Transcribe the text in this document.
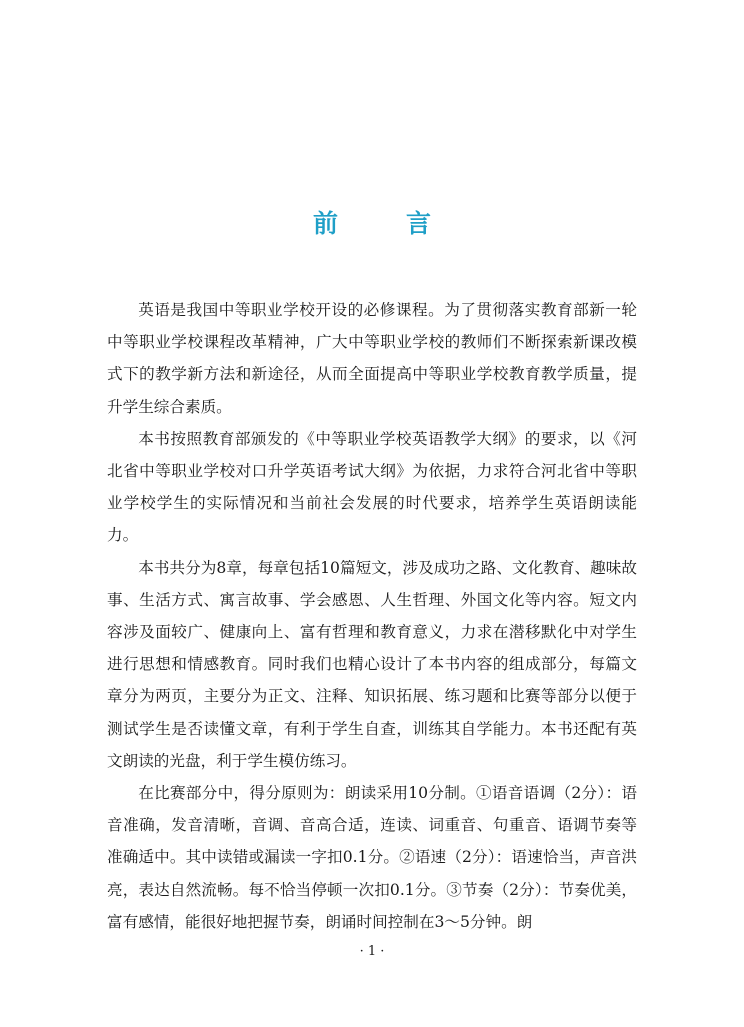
前	言

英语是我国中等职业学校开设的必修课程。为了贯彻落实教育部新一轮中等职业学校课程改革精神，广大中等职业学校的教师们不断探索新课改模式下的教学新方法和新途径，从而全面提高中等职业学校教育教学质量，提升学生综合素质。

本书按照教育部颁发的《中等职业学校英语教学大纲》的要求，以《河北省中等职业学校对口升学英语考试大纲》为依据，力求符合河北省中等职业学校学生的实际情况和当前社会发展的时代要求，培养学生英语朗读能力。

本书共分为8章，每章包括10篇短文，涉及成功之路、文化教育、趣味故事、生活方式、寓言故事、学会感恩、人生哲理、外国文化等内容。短文内容涉及面较广、健康向上、富有哲理和教育意义，力求在潜移默化中对学生进行思想和情感教育。同时我们也精心设计了本书内容的组成部分，每篇文章分为两页，主要分为正文、注释、知识拓展、练习题和比赛等部分以便于测试学生是否读懂文章，有利于学生自查，训练其自学能力。本书还配有英文朗读的光盘，利于学生模仿练习。

在比赛部分中，得分原则为：朗读采用10分制。①语音语调（2分）：语音准确，发音清晰，音调、音高合适，连读、词重音、句重音、语调节奏等准确适中。其中读错或漏读一字扣0.1分。②语速（2分）：语速恰当，声音洪亮，表达自然流畅。每不恰当停顿一次扣0.1分。③节奏（2分）：节奏优美，富有感情，能很好地把握节奏，朗诵时间控制在3～5分钟。朗

· 1 ·
